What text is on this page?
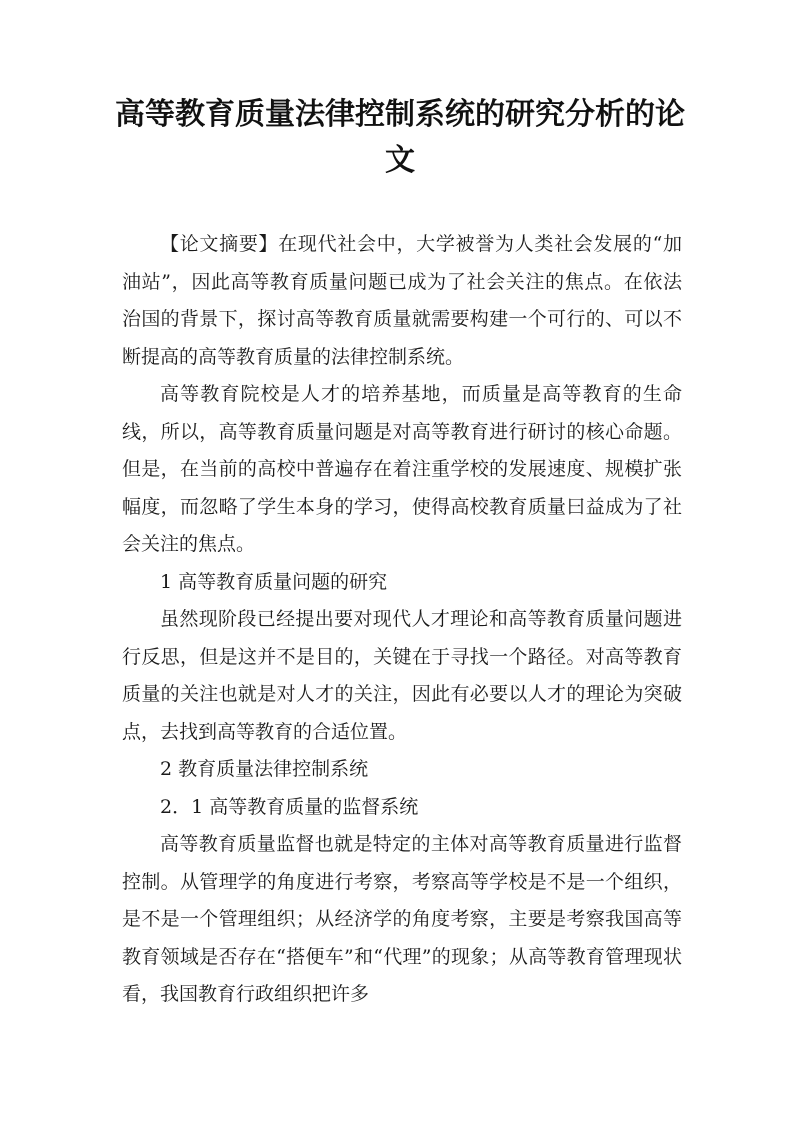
高等教育质量法律控制系统的研究分析的论文

【论文摘要】在现代社会中，大学被誉为人类社会发展的“加油站”，因此高等教育质量问题已成为了社会关注的焦点。在依法治国的背景下，探讨高等教育质量就需要构建一个可行的、可以不断提高的高等教育质量的法律控制系统。

高等教育院校是人才的培养基地，而质量是高等教育的生命线，所以，高等教育质量问题是对高等教育进行研讨的核心命题。但是，在当前的高校中普遍存在着注重学校的发展速度、规模扩张幅度，而忽略了学生本身的学习，使得高校教育质量曰益成为了社会关注的焦点。

1 高等教育质量问题的研究

虽然现阶段已经提出要对现代人才理论和高等教育质量问题进行反思，但是这并不是目的，关键在于寻找一个路径。对高等教育质量的关注也就是对人才的关注，因此有必要以人才的理论为突破点，去找到高等教育的合适位置。

2 教育质量法律控制系统

2．1 高等教育质量的监督系统

高等教育质量监督也就是特定的主体对高等教育质量进行监督控制。从管理学的角度进行考察，考察高等学校是不是一个组织，是不是一个管理组织；从经济学的角度考察，主要是考察我国高等教育领域是否存在“搭便车”和“代理”的现象；从高等教育管理现状看，我国教育行政组织把许多
